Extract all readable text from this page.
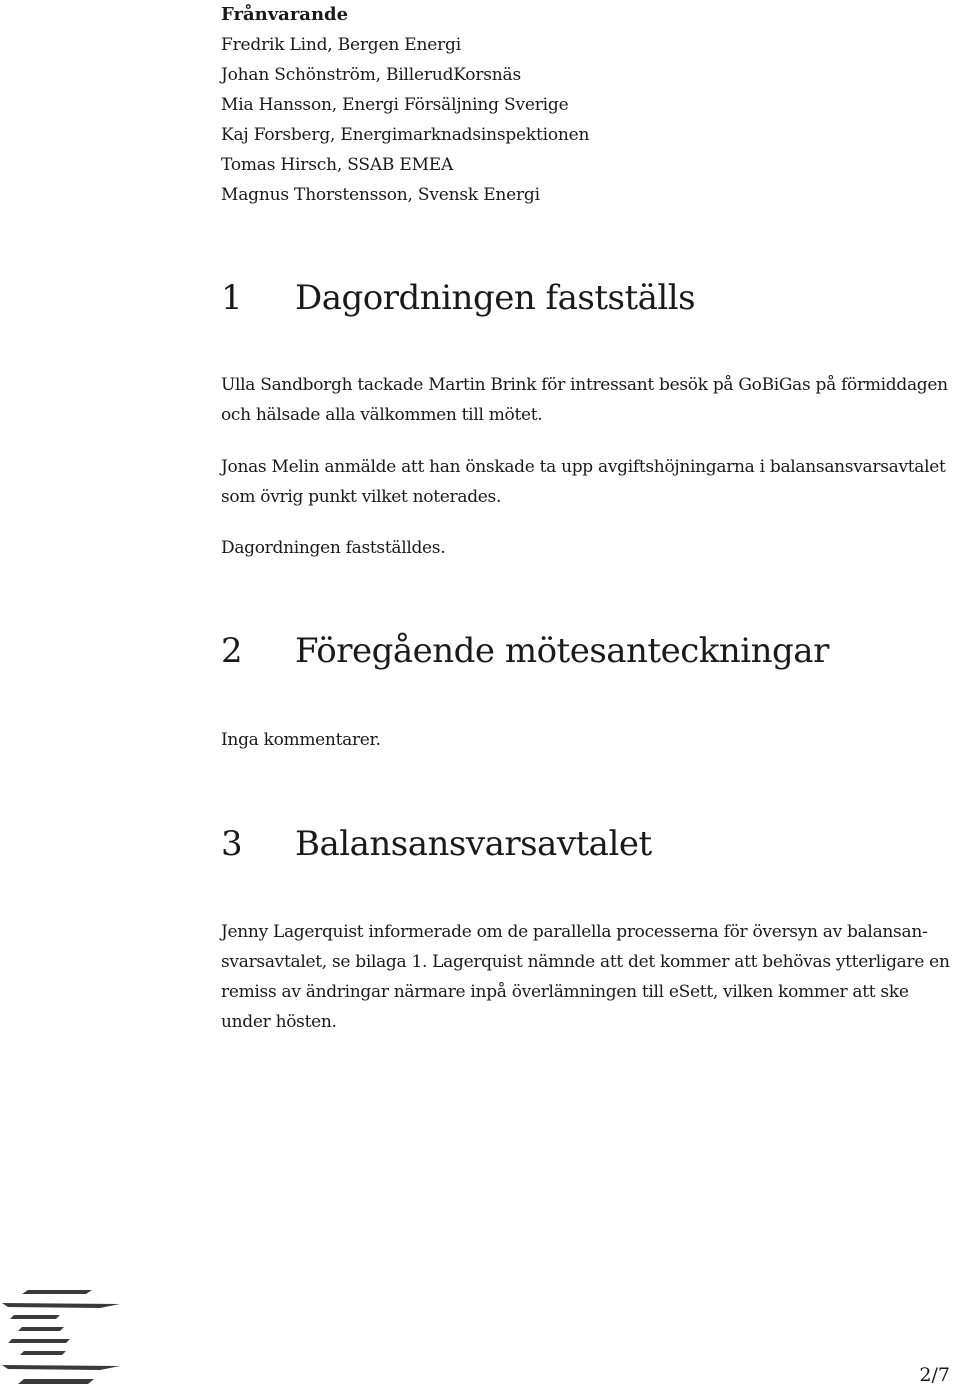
Frånvarande
Fredrik Lind, Bergen Energi
Johan Schönström, BillerudKorsnäs
Mia Hansson, Energi Försäljning Sverige
Kaj Forsberg, Energimarknadsinspektionen
Tomas Hirsch, SSAB EMEA
Magnus Thorstensson, Svensk Energi
1 Dagordningen fastställs
Ulla Sandborgh tackade Martin Brink för intressant besök på GoBiGas på förmiddagen och hälsade alla välkommen till mötet.
Jonas Melin anmälde att han önskade ta upp avgiftshöjningarna i balansansvarsavtalet som övrig punkt vilket noterades.
Dagordningen fastställdes.
2 Föregående mötesanteckningar
Inga kommentarer.
3 Balansansvarsavtalet
Jenny Lagerquist informerade om de parallella processerna för översyn av balansan-svarsavtalet, se bilaga 1. Lagerquist nämnde att det kommer att behövas ytterligare en remiss av ändringar närmare inpå överlämningen till eSett, vilken kommer att ske under hösten.
2/7
